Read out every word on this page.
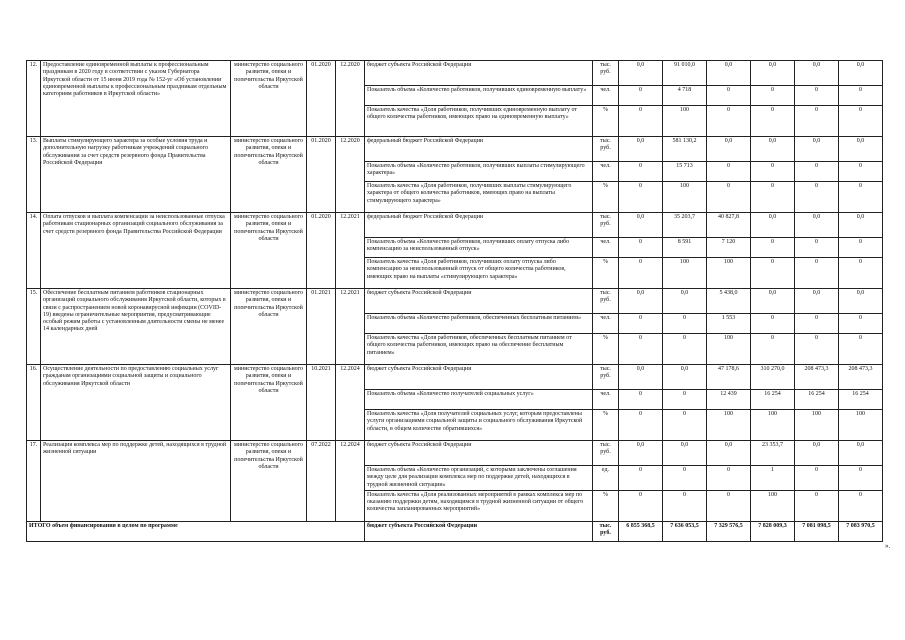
12.	Предоставление единовременной выплаты к профессиональным праздникам в 2020 году в соответствии с указом Губернатора Иркутской области от 15 июня 2019 года № 152-уг «Об установлении единовременной выплаты к профессиональным праздникам отдельным категориям работников в Иркутской области»	министерство социального развития, опеки и попечительства Иркутской области	01.2020	12.2020	бюджет субъекта Российской Федерации	тыс. руб.	0,0	91 010,0	0,0	0,0	0,0	0,0
					Показатель объема «Количество работников, получивших единовременную выплату»	чел.	0	4 718	0	0	0	0
					Показатель качества «Доля работников, получивших единовременную выплату от общего количества работников, имеющих право на единовременную выплату»	%	0	100	0	0	0	0
13.	Выплаты стимулирующего характера за особые условия труда и дополнительную нагрузку работникам учреждений социального обслуживания за счет средств резервного фонда Правительства Российской Федерации	министерство социального развития, опеки и попечительства Иркутской области	01.2020	12.2020	федеральный бюджет Российской Федерации	тыс. руб.	0,0	581 130,2	0,0	0,0	0,0	0,0
					Показатель объема «Количество работников, получивших выплаты стимулирующего характера»	чел.	0	15 713	0	0	0	0
					Показатель качества «Доля работников, получивших выплаты стимулирующего характера от общего количества работников, имеющих право на выплаты стимулирующего характера»	%	0	100	0	0	0	0
14.	Оплата отпусков и выплата компенсации за неиспользованные отпуска работникам стационарных организаций социального обслуживания за счет средств резервного фонда Правительства Российской Федерации	министерство социального развития, опеки и попечительства Иркутской области	01.2020	12.2021	федеральный бюджет Российской Федерации	тыс. руб.	0,0	35 203,7	40 827,8	0,0	0,0	0,0
					Показатель объема «Количество работников, получивших оплату отпуска либо компенсацию за неиспользованный отпуск»	чел.	0	8 591	7 120	0	0	0
					Показатель качества «Доля работников, получивших оплату отпуска либо компенсацию за неиспользованный отпуск от общего количества работников, имеющих право на выплаты «стимулирующего характера»	%	0	100	100	0	0	0
15.	Обеспечение бесплатным питанием работников стационарных организаций социального обслуживания Иркутской области, которых в связи с распространением новой коронавирусной инфекции (COVID-19) введены ограничительные мероприятия, предусматривающие особый режим работы с установленным длительности смены не менее 14 календарных дней	министерство социального развития, опеки и попечительства Иркутской области	01.2021	12.2021	бюджет субъекта Российской Федерации	тыс. руб.	0,0	0,0	5 438,0	0,0	0,0	0,0
					Показатель объема «Количество работников, обеспеченных бесплатным питанием»	чел.	0	0	1 553	0	0	0
					Показатель качества «Доля работников, обеспеченных бесплатным питанием от общего количества работников, имеющих право на обеспечение бесплатным питанием»	%	0	0	100	0	0	0
16.	Осуществление деятельности по предоставлению социальных услуг гражданам организациями социальной защиты и социального обслуживания Иркутской области	министерство социального развития, опеки и попечительства Иркутской области	10.2021	12.2024	бюджет субъекта Российской Федерации	тыс. руб.	0,0	0,0	47 178,6	310 270,0	208 473,3	208 473,3
					Показатель объема «Количество получателей социальных услуг»	чел.	0	0	12 439	16 254	16 254	16 254
					Показатель качества «Доля получателей социальных услуг, которым предоставлены услуги организациями социальной защиты и социального обслуживания Иркутской области, в общем количестве обратившихся»	%	0	0	100	100	100	100
17.	Реализация комплекса мер по поддержке детей, находящихся в трудной жизненной ситуации	министерство социального развития, опеки и попечительства Иркутской области	07.2022	12.2024	бюджет субъекта Российской Федерации	тыс. руб.	0,0	0,0	0,0	23 353,7	0,0	0,0
					Показатель объема «Количество организаций, с которыми заключены соглашения между целе для реализации комплекса мер по поддержке детей, находящихся в трудной жизненной ситуации»	ед.	0	0	0	1	0	0
					Показатель качества «Доля реализованных мероприятий в рамках комплекса мер по оказанию поддержки детям, находящимся в трудной жизненной ситуации от общего количества запланированных мероприятий»	%	0	0	0	100	0	0
ИТОГО объем финансирования в целом по программе					бюджет субъекта Российской Федерации	тыс. руб.	6 855 368,5	7 636 053,5	7 329 576,5	7 828 009,3	7 081 098,5	7 083 970,5
».
